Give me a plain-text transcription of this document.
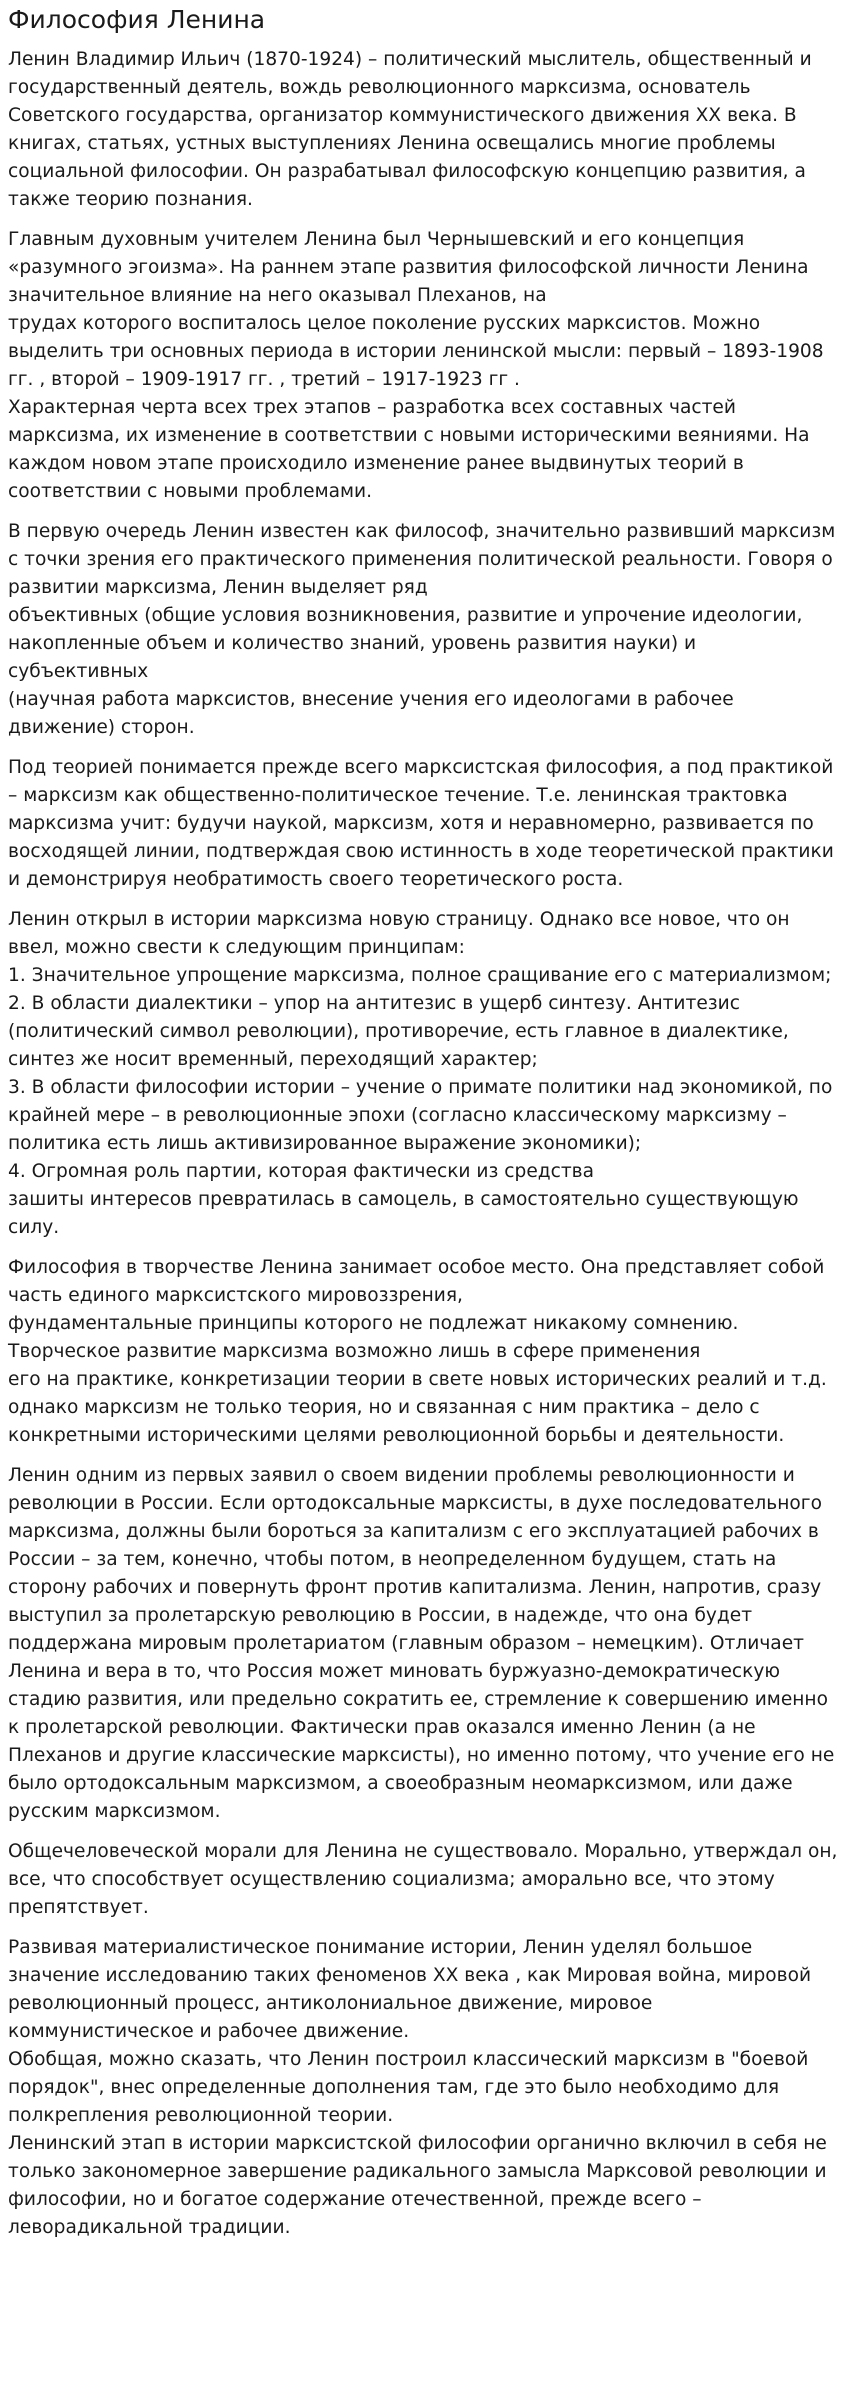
Философия Ленина

Ленин Владимир Ильич (1870-1924) – политический мыслитель, общественный и государственный деятель, вождь революционного марксизма, основатель Советского государства, организатор коммунистического движения XX века. В книгах, статьях, устных выступлениях Ленина освещались многие проблемы социальной философии. Он разрабатывал философскую концепцию развития, а также теорию познания.

Главным духовным учителем Ленина был Чернышевский и его концепция «разумного эгоизма». На раннем этапе развития философской личности Ленина значительное влияние на него оказывал Плеханов, на
трудах которого воспиталось целое поколение русских марксистов. Можно выделить три основных периода в истории ленинской мысли: первый – 1893-1908 гг. , второй – 1909-1917 гг. , третий – 1917-1923 гг .
Характерная черта всех трех этапов – разработка всех составных частей марксизма, их изменение в соответствии с новыми историческими веяниями. На каждом новом этапе происходило изменение ранее выдвинутых теорий в соответствии с новыми проблемами.

В первую очередь Ленин известен как философ, значительно развивший марксизм с точки зрения его практического применения политической реальности. Говоря о развитии марксизма, Ленин выделяет ряд
объективных (общие условия возникновения, развитие и упрочение идеологии, накопленные объем и количество знаний, уровень развития науки) и субъективных
(научная работа марксистов, внесение учения его идеологами в рабочее движение) сторон.

Под теорией понимается прежде всего марксистская философия, а под практикой – марксизм как общественно-политическое течение. Т.е. ленинская трактовка марксизма учит: будучи наукой, марксизм, хотя и неравномерно, развивается по восходящей линии, подтверждая свою истинность в ходе теоретической практики и демонстрируя необратимость своего теоретического роста.

Ленин открыл в истории марксизма новую страницу. Однако все новое, что он
ввел, можно свести к следующим принципам:
1. Значительное упрощение марксизма, полное сращивание его с материализмом;
2. В области диалектики – упор на антитезис в ущерб синтезу. Антитезис (политический символ революции), противоречие, есть главное в диалектике, синтез же носит временный, переходящий характер;
3. В области философии истории – учение о примате политики над экономикой, по крайней мере – в революционные эпохи (согласно классическому марксизму – политика есть лишь активизированное выражение экономики);
4. Огромная роль партии, которая фактически из средства
зашиты интересов превратилась в самоцель, в самостоятельно существующую силу.

Философия в творчестве Ленина занимает особое место. Она представляет собой часть единого марксистского мировоззрения,
фундаментальные принципы которого не подлежат никакому сомнению. Творческое развитие марксизма возможно лишь в сфере применения
его на практике, конкретизации теории в свете новых исторических реалий и т.д. однако марксизм не только теория, но и связанная с ним практика – дело с конкретными историческими целями революционной борьбы и деятельности.

Ленин одним из первых заявил о своем видении проблемы революционности и революции в России. Если ортодоксальные марксисты, в духе последовательного марксизма, должны были бороться за капитализм с его эксплуатацией рабочих в России – за тем, конечно, чтобы потом, в неопределенном будущем, стать на сторону рабочих и повернуть фронт против капитализма. Ленин, напротив, сразу выступил за пролетарскую революцию в России, в надежде, что она будет поддержана мировым пролетариатом (главным образом – немецким). Отличает Ленина и вера в то, что Россия может миновать буржуазно-демократическую стадию развития, или предельно сократить ее, стремление к совершению именно к пролетарской революции. Фактически прав оказался именно Ленин (а не Плеханов и другие классические марксисты), но именно потому, что учение его не было ортодоксальным марксизмом, а своеобразным неомарксизмом, или даже русским марксизмом.

Общечеловеческой морали для Ленина не существовало. Морально, утверждал он, все, что способствует осуществлению социализма; аморально все, что этому препятствует.

Развивая материалистическое понимание истории, Ленин уделял большое значение исследованию таких феноменов XX века , как Мировая война, мировой революционный процесс, антиколониальное движение, мировое коммунистическое и рабочее движение.
Обобщая, можно сказать, что Ленин построил классический марксизм в "боевой порядок", внес определенные дополнения там, где это было необходимо для полкрепления революционной теории.
Ленинский этап в истории марксистской философии органично включил в себя не только закономерное завершение радикального замысла Марксовой революции и философии, но и богатое содержание отечественной, прежде всего – леворадикальной традиции.
